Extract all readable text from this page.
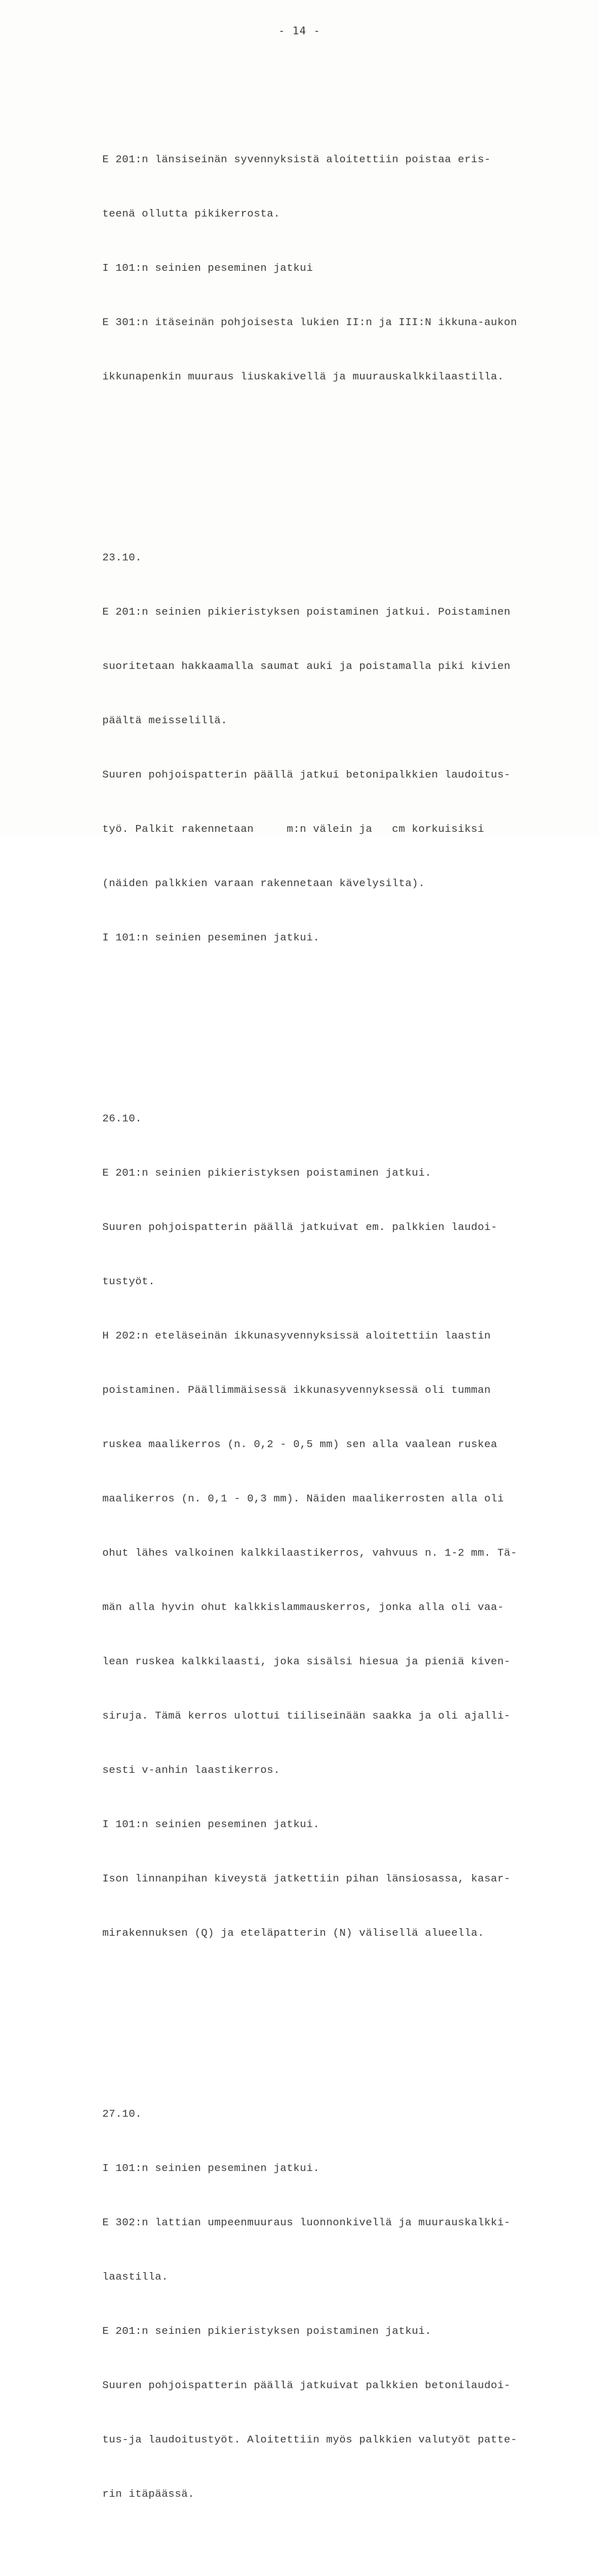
- 14 -

E 201:n länsiseinän syvennyksistä aloitettiin poistaa eris-

teenä ollutta pikikerrosta.

I 101:n seinien peseminen jatkui

E 301:n itäseinän pohjoisesta lukien II:n ja III:N ikkuna-aukon

ikkunapenkin muuraus liuskakivellä ja muurauskalkkilaastilla.

23.10.

E 201:n seinien pikieristyksen poistaminen jatkui. Poistaminen

suoritetaan hakkaamalla saumat auki ja poistamalla piki kivien

päältä meisselillä.

Suuren pohjoispatterin päällä jatkui betonipalkkien laudoitus-

työ. Palkit rakennetaan     m:n välein ja   cm korkuisiksi

(näiden palkkien varaan rakennetaan kävelysilta).

I 101:n seinien peseminen jatkui.

26.10.

E 201:n seinien pikieristyksen poistaminen jatkui.

Suuren pohjoispatterin päällä jatkuivat em. palkkien laudoi-

tustyöt.

H 202:n eteläseinän ikkunasyvennyksissä aloitettiin laastin

poistaminen. Päällimmäisessä ikkunasyvennyksessä oli tumman

ruskea maalikerros (n. 0,2 - 0,5 mm) sen alla vaalean ruskea

maalikerros (n. 0,1 - 0,3 mm). Näiden maalikerrosten alla oli

ohut lähes valkoinen kalkkilaastikerros, vahvuus n. 1-2 mm. Tä-

män alla hyvin ohut kalkkislammauskerros, jonka alla oli vaa-

lean ruskea kalkkilaasti, joka sisälsi hiesua ja pieniä kiven-

siruja. Tämä kerros ulottui tiiliseinään saakka ja oli ajalli-

sesti v-anhin laastikerros.

I 101:n seinien peseminen jatkui.

Ison linnanpihan kiveystä jatkettiin pihan länsiosassa, kasar-

mirakennuksen (Q) ja eteläpatterin (N) välisellä alueella.

27.10.

I 101:n seinien peseminen jatkui.

E 302:n lattian umpeenmuuraus luonnonkivellä ja muurauskalkki-

laastilla.

E 201:n seinien pikieristyksen poistaminen jatkui.

Suuren pohjoispatterin päällä jatkuivat palkkien betonilaudoi-

tus-ja laudoitustyöt. Aloitettiin myös palkkien valutyöt patte-

rin itäpäässä.
